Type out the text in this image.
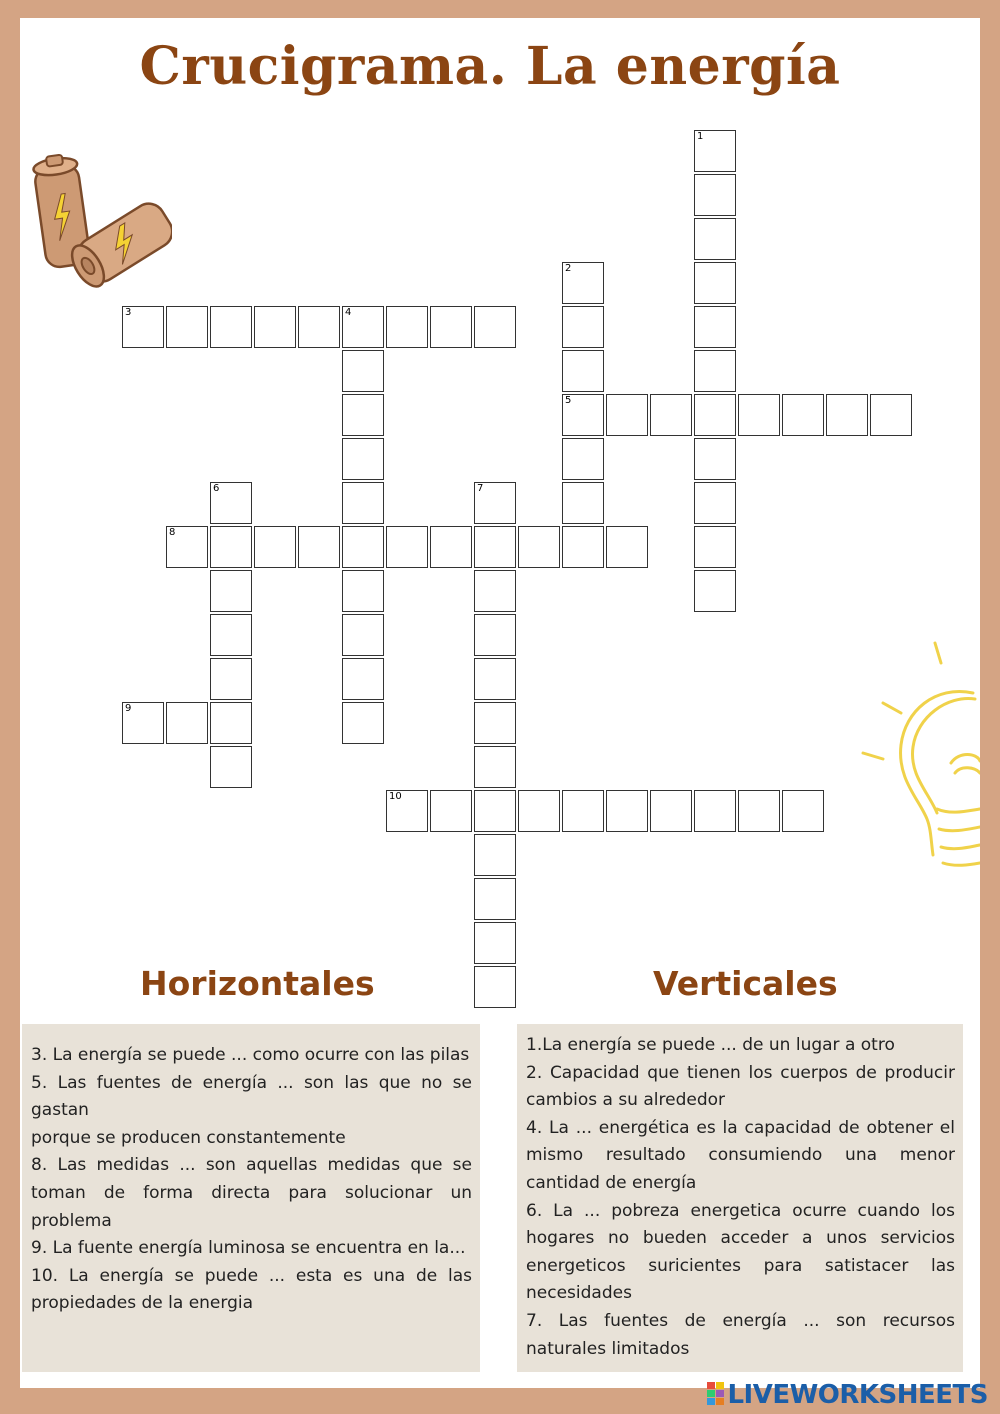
Crucigrama. La energía
1
2
5
3	4
6	7
8
9
10
Horizontales	Verticales

3. La energía se puede ... como ocurre con las pilas

5. Las fuentes de energía ... son las que no se gastan

porque se producen constantemente

8. Las medidas ... son aquellas medidas que se toman de forma directa para solucionar un problema

9. La fuente energía luminosa se encuentra en la...

10. La energía se puede ... esta es una de las propiedades de la energia

1.La energía se puede ... de un lugar a otro

2. Capacidad que tienen los cuerpos de producir cambios a su alrededor

4. La ... energética es la capacidad de obtener el mismo resultado consumiendo una menor cantidad de energía

6. La ... pobreza energetica ocurre cuando los hogares no bueden acceder a unos servicios energeticos suricientes para satistacer las necesidades

7. Las fuentes de energía ... son recursos naturales limitados

LIVEWORKSHEETS
